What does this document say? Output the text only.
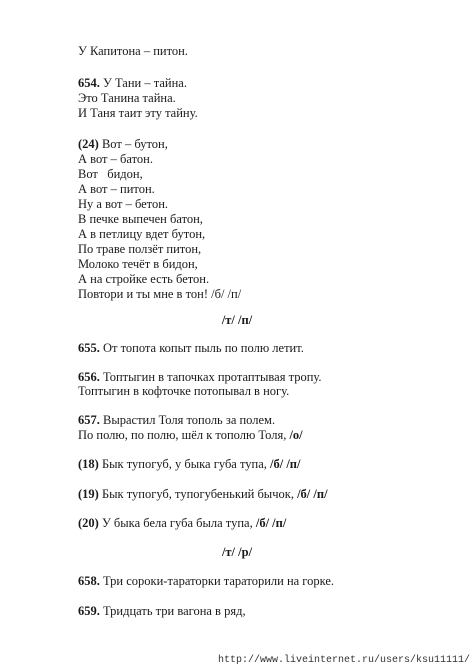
У Капитона – питон.
654. У Тани – тайна.
Это Танина тайна.
И Таня таит эту тайну.
(24) Вот – бутон,
А вот – батон.
Вот   бидон,
А вот – питон.
Ну а вот – бетон.
В печке выпечен батон,
А в петлицу вдет бутон,
По траве ползёт питон,
Молоко течёт в бидон,
А на стройке есть бетон.
Повтори и ты мне в тон! /б/ /п/
/т/ /п/
655. От топота копыт пыль по полю летит.
656. Топтыгин в тапочках протаптывая тропу.
Топтыгин в кофточке потопывал в ногу.
657. Вырастил Толя тополь за полем.
По полю, по полю, шёл к тополю Толя, /о/
(18) Бык тупогуб, у быка губа тупа, /б/ /п/
(19) Бык тупогуб, тупогубенький бычок, /б/ /п/
(20) У быка бела губа была тупа, /б/ /п/
/т/ /р/
658. Три сороки-тараторки тараторили на горке.
659. Тридцать три вагона в ряд,
http://www.liveinternet.ru/users/ksu11111/
